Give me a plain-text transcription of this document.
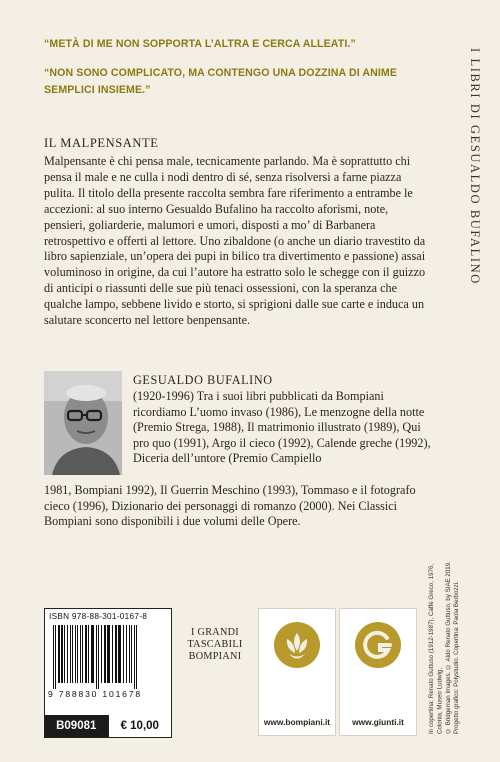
“METÀ DI ME NON SOPPORTA L’ALTRA E CERCA ALLEATI.”

“NON SONO COMPLICATO, MA CONTENGO UNA DOZZINA DI ANIME SEMPLICI INSIEME.”	I LIBRI DI GESUALDO BUFALINO
IL MALPENSANTE

Malpensante è chi pensa male, tecnicamente parlando. Ma è soprattutto chi pensa il male e ne culla i nodi dentro di sé, senza risolversi a farne piazza pulita. Il titolo della presente raccolta sembra fare riferimento a entrambe le accezioni: al suo interno Gesualdo Bufalino ha raccolto aforismi, note, pensieri, goliarderie, malumori e umori, disposti a mo’ di Barbanera retrospettivo e offerti al lettore. Uno zibaldone (o anche un diario travestito da libro sapienziale, un’opera dei pupi in bilico tra divertimento e passione) assai voluminoso in origine, da cui l’autore ha estratto solo le schegge con il guizzo di anticipi o riassunti delle sue più tenaci ossessioni, con la speranza che qualche lampo, sebbene livido e storto, si sprigioni dalle sue carte e induca un salutare sconcerto nel lettore benpensante.

GESUALDO BUFALINO
(1920-1996) Tra i suoi libri pubblicati da Bompiani ricordiamo L’uomo invaso (1986), Le menzogne della notte (Premio Strega, 1988), Il matrimonio illustrato (1989), Qui pro quo (1991), Argo il cieco (1992), Calende greche (1992), Diceria dell’untore (Premio Campiello
1981, Bompiani 1992), Il Guerrin Meschino (1993), Tommaso e il fotografo cieco (1996), Dizionario dei personaggi di romanzo (2000). Nei Classici Bompiani sono disponibili i due volumi delle Opere.
In copertina: Renato Guttuso (1912-1987), Caffè Greco, 1976, Colonia, Museo Ludwig, © Bridgeman Images. © Aldo Renato Guttuso, by SIAE 2019. Progetto grafico: Polystudio. Copertina: Paola Berbozzi.
ISBN 978-88-301-0167-8
9 788830 101678
B09081	€ 10,00
I GRANDI
TASCABILI
BOMPIANI
www.bompiani.it	www.giunti.it
